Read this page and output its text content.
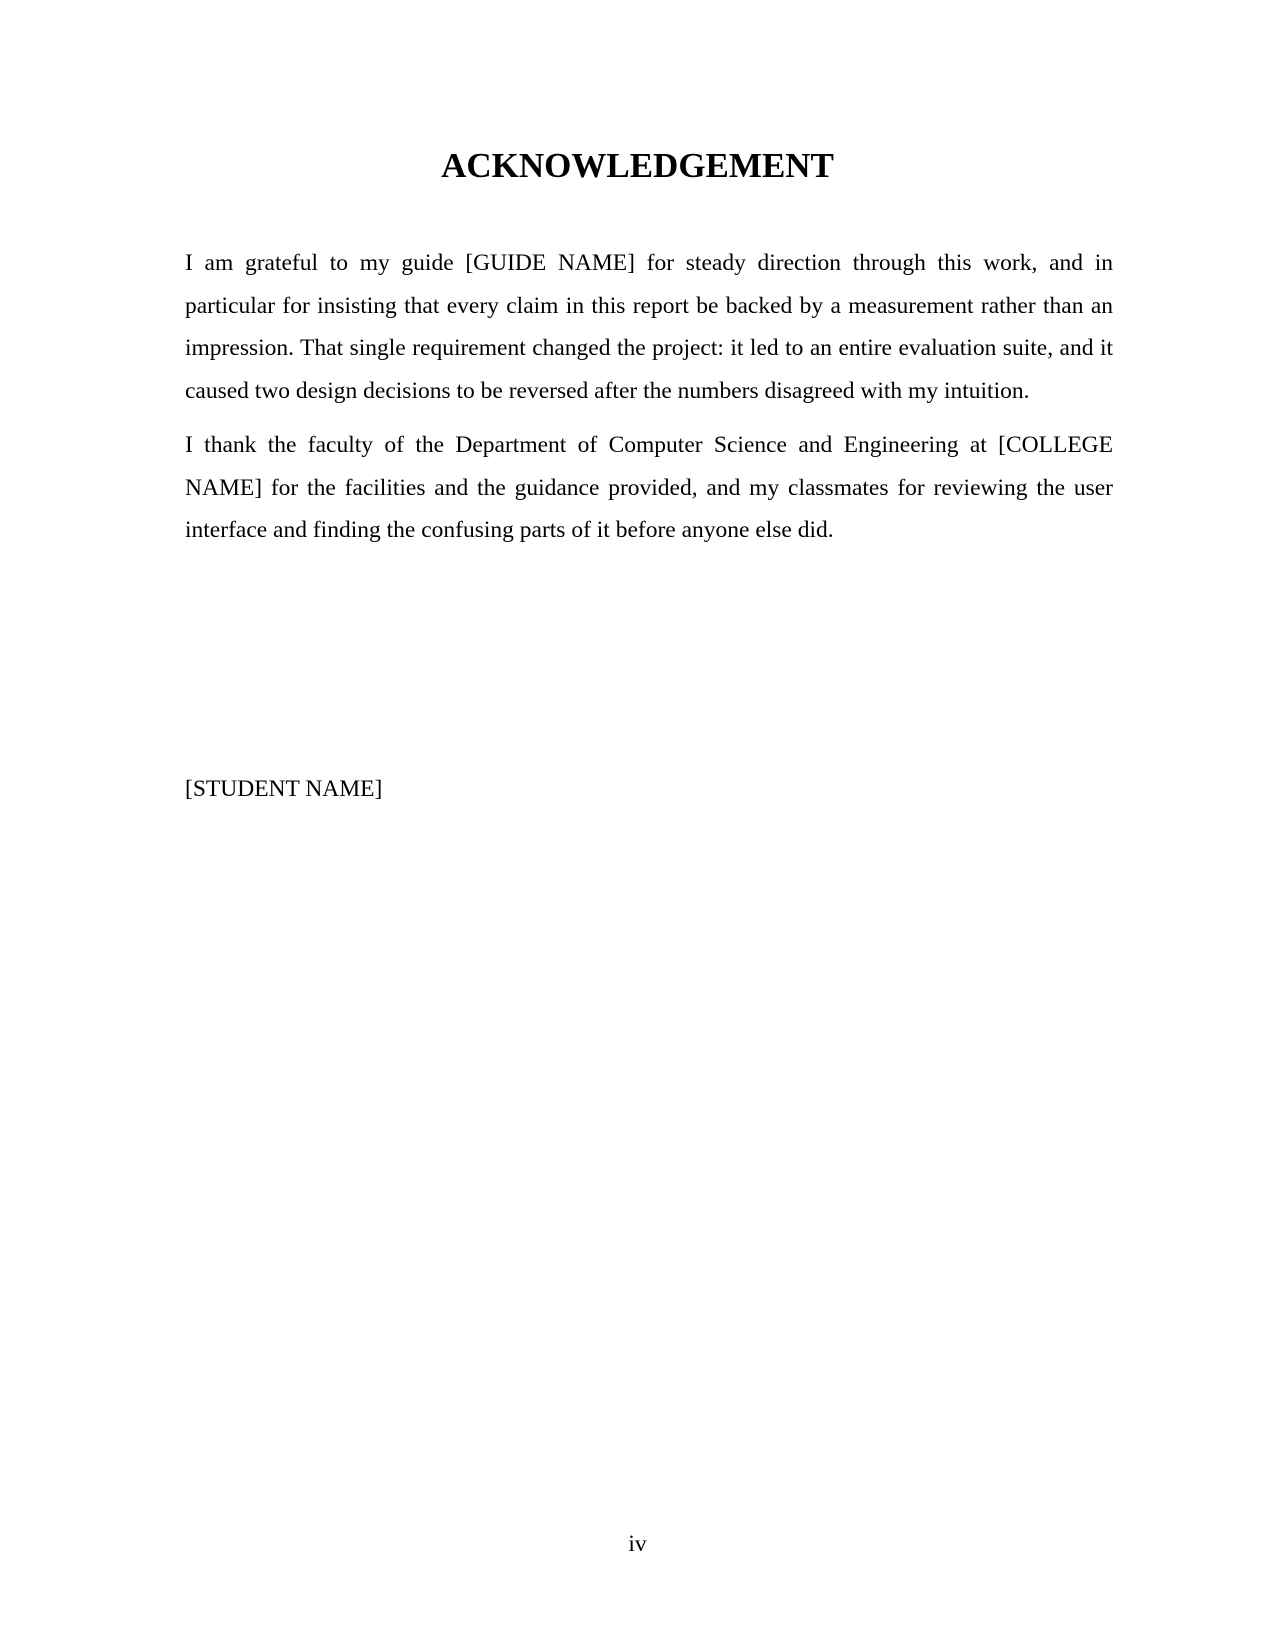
ACKNOWLEDGEMENT

I am grateful to my guide [GUIDE NAME] for steady direction through this work, and in particular for insisting that every claim in this report be backed by a measurement rather than an impression. That single requirement changed the project: it led to an entire evaluation suite, and it caused two design decisions to be reversed after the numbers disagreed with my intuition.

I thank the faculty of the Department of Computer Science and Engineering at [COLLEGE NAME] for the facilities and the guidance provided, and my classmates for reviewing the user interface and finding the confusing parts of it before anyone else did.

[STUDENT NAME]

iv
